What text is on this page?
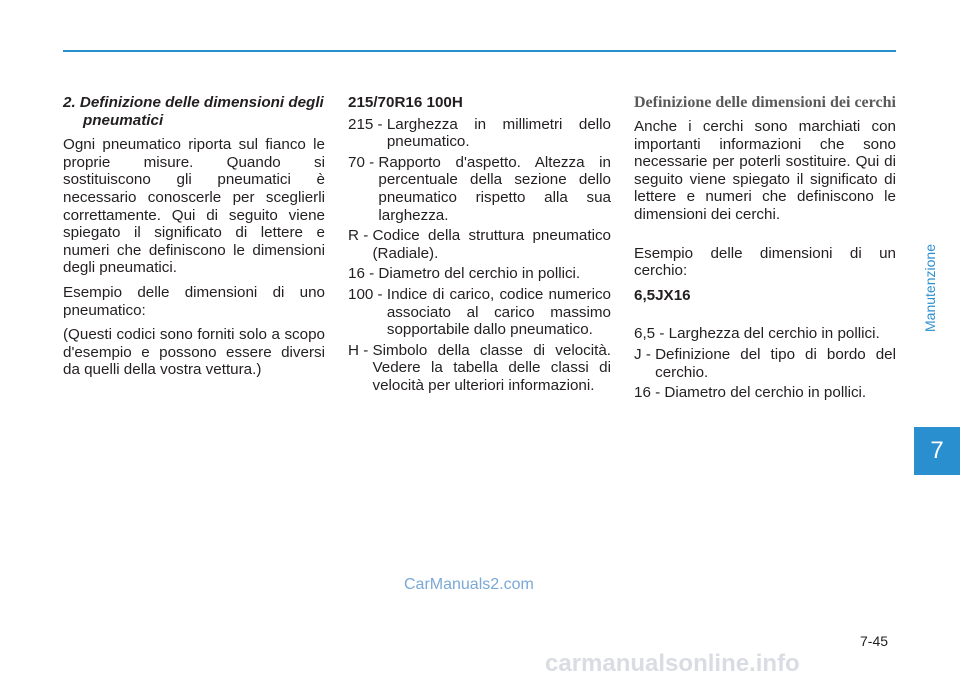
2. Definizione delle dimensioni degli pneumatici

Ogni pneumatico riporta sul fianco le proprie misure. Quando si sostituiscono gli pneumatici è necessario conoscerle per sceglierli correttamente. Qui di seguito viene spiegato il significato di lettere e numeri che definiscono le dimensioni degli pneumatici.

Esempio delle dimensioni di uno pneumatico:

(Questi codici sono forniti solo a scopo d'esempio e possono essere diversi da quelli della vostra vettura.)

215/70R16 100H

215 - Larghezza in millimetri dello pneumatico.
70 - Rapporto d'aspetto. Altezza in percentuale della sezione dello pneumatico rispetto alla sua larghezza.
R - Codice della struttura pneumatico (Radiale).
16 - Diametro del cerchio in pollici.
100 - Indice di carico, codice numerico associato al carico massimo sopportabile dallo pneumatico.
H - Simbolo della classe di velocità. Vedere la tabella delle classi di velocità per ulteriori informazioni.

Definizione delle dimensioni dei cerchi

Anche i cerchi sono marchiati con importanti informazioni che sono necessarie per poterli sostituire. Qui di seguito viene spiegato il significato di lettere e numeri che definiscono le dimensioni dei cerchi.

Esempio delle dimensioni di un cerchio:

6,5JX16

6,5 - Larghezza del cerchio in pollici.
J - Definizione del tipo di bordo del cerchio.
16 - Diametro del cerchio in pollici.
Manutenzione
7
7-45
CarManuals2.com
carmanualsonline.info
